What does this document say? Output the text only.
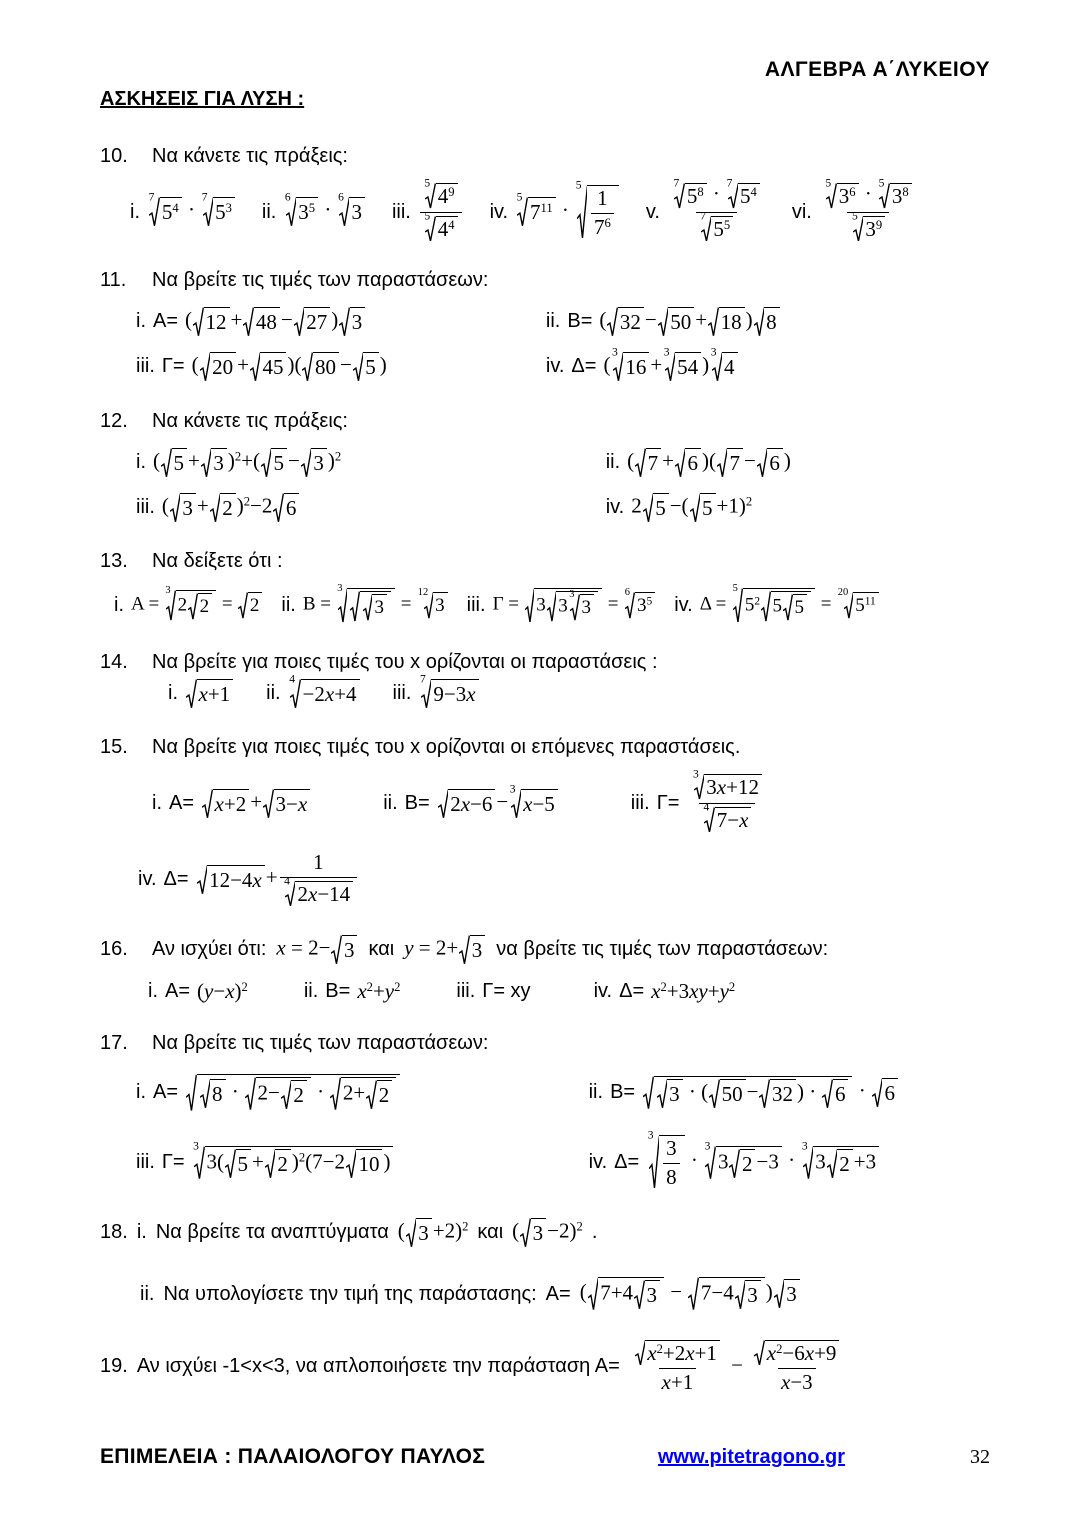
ΑΛΓΕΒΡΑ Α΄ΛΥΚΕΙΟΥ
ΑΣΚΗΣΕΙΣ ΓΙΑ ΛΥΣΗ :
10.	Να κάνετε τις πράξεις:
i.
7
$5^4$ ·
7
$5^3$ ii.
6
$3^5$ ·
6
3 iii. 5
$4^9$
5
$4^4$ iv.
5
$7^{11}$ ·
5
$\frac{1}{7^6} v$. 7
$5^8 \cdot 7$
$5^4$
7
$5^5$ vi. 5
$3^6 \cdot 5$
$3^8$
5
$3^9$
11.	Να βρείτε τις τιμές των παραστάσεων:
i. A= ( 12 + 48 − 27 ) 3	ii. B= ( 32 − 50 + 18 ) 8
iii. Γ= ( 20 + 45 )( 80 − 5 )	iv. Δ= (
3
16 +
3
54 )
3
4
12.	Να κάνετε τις πράξεις:
i. ( 5 + 3 )$^2$+( 5 − 3 )$^2$	ii. ( 7 + 6 )( 7 − 6 )
iii. ( 3 + 2 )$^2$−2 6	iv. 2 5 −( 5 +1)$^2$
13.	Να δείξετε ότι :
i. A =
3
2 2 = 2 ii. B =
3
3 =
12
3 iii. Γ = 3 3
3
3 =
6
$3^5$ iv. Δ =
5
$5^2$ 5 5 =
20
$5^{11}$
14.	Να βρείτε για ποιες τιμές του x ορίζονται οι παραστάσεις :
i. x+1 ii.
4
−2x+4 iii.
7
9−3x
15.	Να βρείτε για ποιες τιμές του x ορίζονται οι επόμενες παραστάσεις.
i. A= x+2 + 3−x	ii. B= 2x−6 −
3
x−5	iii. Γ= 3
3x+12
4
7−x
iv. Δ= 12−4x + 1
4
2x−14
16.	Αν ισχύει ότι: x = 2− 3 και y = 2+ 3 να βρείτε τις τιμές των παραστάσεων:
i. $A= (y-x)^2$	ii. $B= x^2+y^2$	iii. Γ= xy	iv. $\Delta= x^2+3xy+y^2$
17.	Να βρείτε τις τιμές των παραστάσεων:
i. A= 8 · 2− 2 · 2+ 2	ii. B= 3 · ( 50 − 32 ) · 6 · 6
iii. Γ=
3
3( 5 + 2 )$^2$(7−2 10 )	iv. Δ=
3
$\frac{3}{8}$ ·
3
3 2 −3 ·
3
3 2 +3
18. i. Να βρείτε τα αναπτύγματα ( 3 +2)$^2$ και ( 3 −2)$^2$ .
ii. Να υπολογίσετε την τιμή της παράστασης: A= ( 7+4 3 − 7−4 3 ) 3
19. Αν ισχύει -1<x<3, να απλοποιήσετε την παράσταση $A= \frac{x^2+2x+1}{x+1} - \frac{x^2-6x+9}{x-3}$
ΕΠΙΜΕΛΕΙΑ : ΠΑΛΑΙΟΛΟΓΟΥ ΠΑΥΛΟΣ	www.pitetragono.gr	32
